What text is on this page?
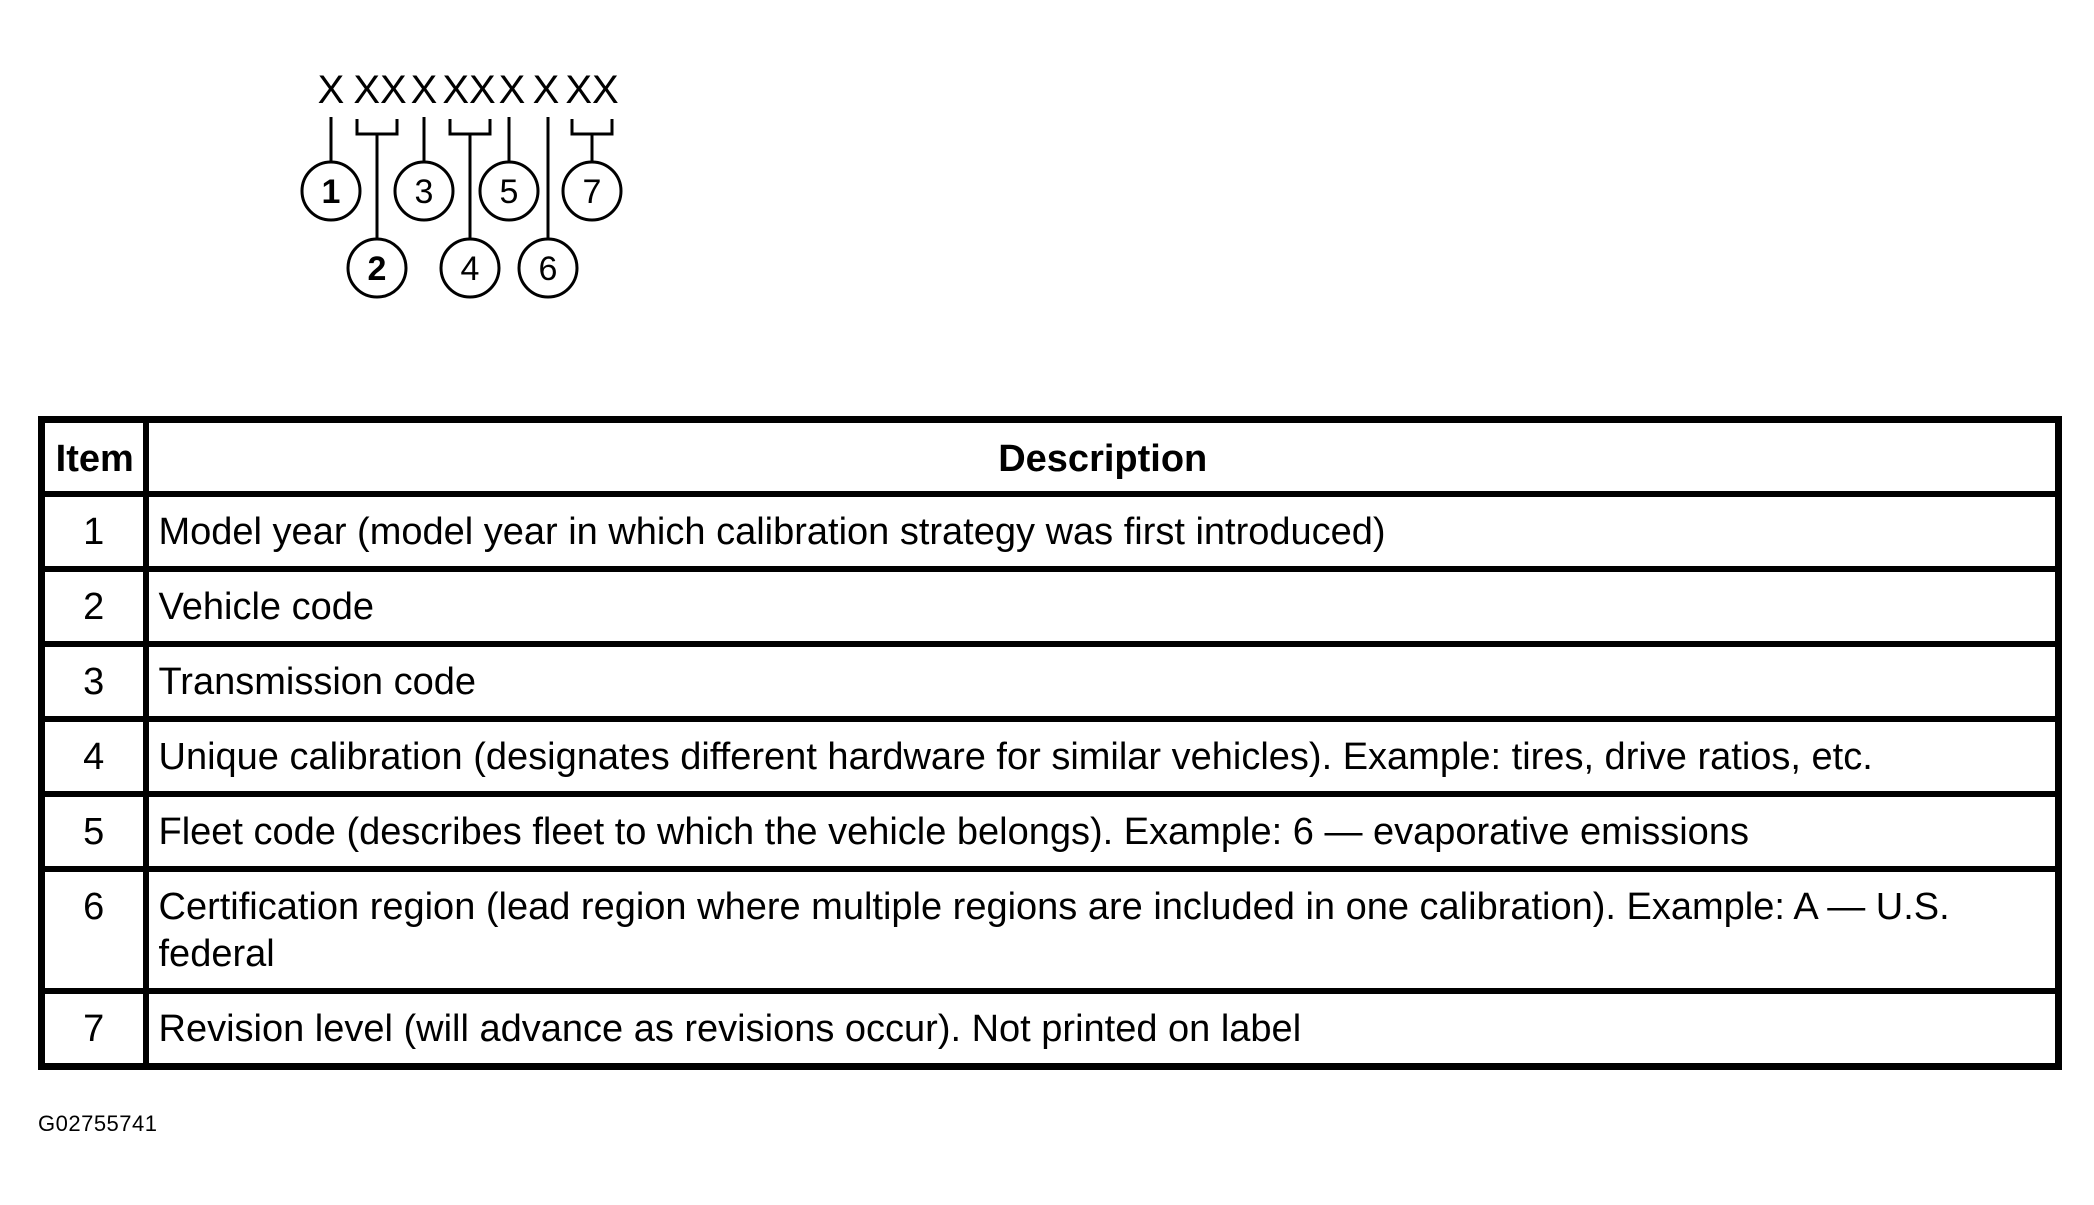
X XX X XX X X XX
1
2
3
4
5
6
7
Item	Description
1	Model year (model year in which calibration strategy was first introduced)
2	Vehicle code
3	Transmission code
4	Unique calibration (designates different hardware for similar vehicles). Example: tires, drive ratios, etc.
5	Fleet code (describes fleet to which the vehicle belongs). Example: 6 — evaporative emissions
6	Certification region (lead region where multiple regions are included in one calibration). Example: A — U.S. federal
7	Revision level (will advance as revisions occur). Not printed on label
G02755741
